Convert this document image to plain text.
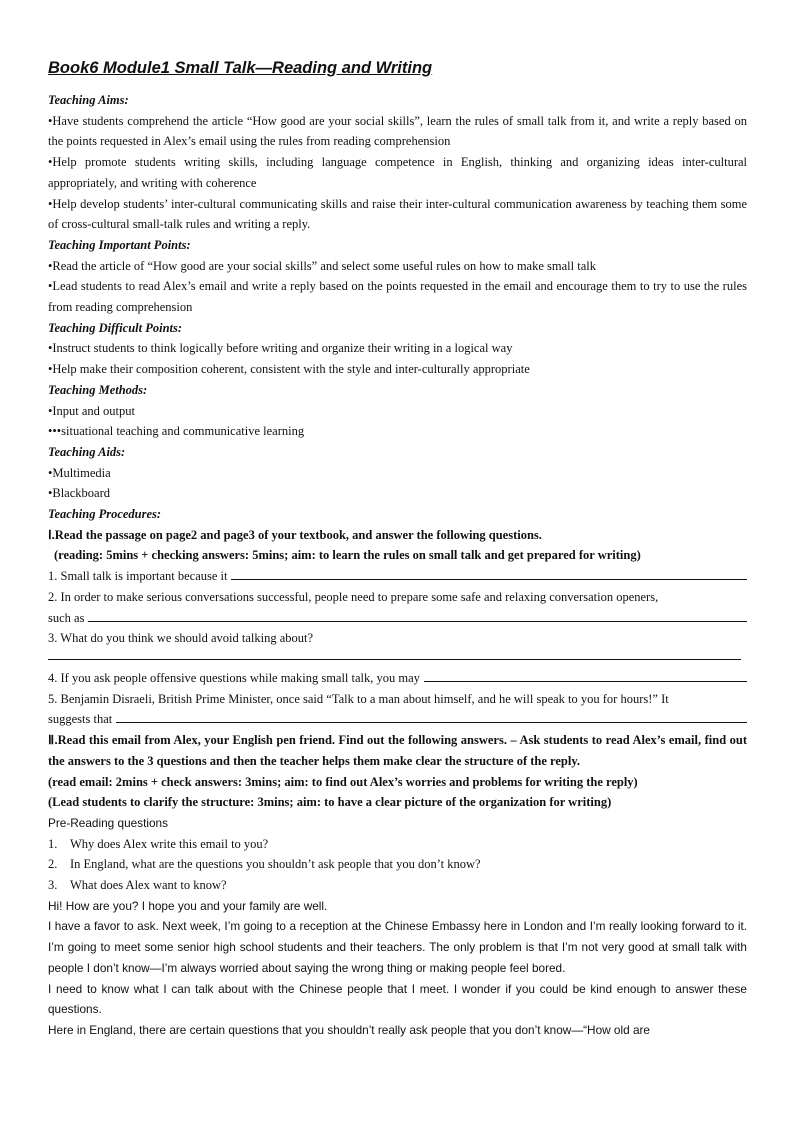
Book6 Module1 Small Talk—Reading and Writing
Teaching Aims:
•Have students comprehend the article “How good are your social skills”, learn the rules of small talk from it, and write a reply based on the points requested in Alex’s email using the rules from reading comprehension
•Help promote students writing skills, including language competence in English, thinking and organizing ideas inter-cultural appropriately, and writing with coherence
•Help develop students’ inter-cultural communicating skills and raise their inter-cultural communication awareness by teaching them some of cross-cultural small-talk rules and writing a reply.
Teaching Important Points:
•Read the article of “How good are your social skills” and select some useful rules on how to make small talk
•Lead students to read Alex’s email and write a reply based on the points requested in the email and encourage them to try to use the rules from reading comprehension
Teaching Difficult Points:
•Instruct students to think logically before writing and organize their writing in a logical way
•Help make their composition coherent, consistent with the style and inter-culturally appropriate
Teaching Methods:
•Input and output
•••situational teaching and communicative learning
Teaching Aids:
•Multimedia
•Blackboard
Teaching Procedures:
Ⅰ.Read the passage on page2 and page3 of your textbook, and answer the following questions.
(reading: 5mins + checking answers: 5mins; aim: to learn the rules on small talk and get prepared for writing)
1. Small talk is important because it
2. In order to make serious conversations successful, people need to prepare some safe and relaxing conversation openers,
such as
3. What do you think we should avoid talking about?
4. If you ask people offensive questions while making small talk, you may
5. Benjamin Disraeli, British Prime Minister, once said “Talk to a man about himself, and he will speak to you for hours!” It
suggests that
Ⅱ.Read this email from Alex, your English pen friend. Find out the following answers. – Ask students to read Alex’s email, find out the answers to the 3 questions and then the teacher helps them make clear the structure of the reply.
(read email: 2mins + check answers: 3mins; aim: to find out Alex’s worries and problems for writing the reply)
(Lead students to clarify the structure: 3mins; aim: to have a clear picture of the organization for writing)
Pre-Reading questions
1. Why does Alex write this email to you?
2. In England, what are the questions you shouldn’t ask people that you don’t know?
3. What does Alex want to know?
Hi! How are you? I hope you and your family are well.
I have a favor to ask. Next week, I’m going to a reception at the Chinese Embassy here in London and I’m really looking forward to it. I’m going to meet some senior high school students and their teachers. The only problem is that I’m not very good at small talk with people I don’t know—I’m always worried about saying the wrong thing or making people feel bored.
I need to know what I can talk about with the Chinese people that I meet. I wonder if you could be kind enough to answer these questions.
Here in England, there are certain questions that you shouldn’t really ask people that you don’t know—“How old are
